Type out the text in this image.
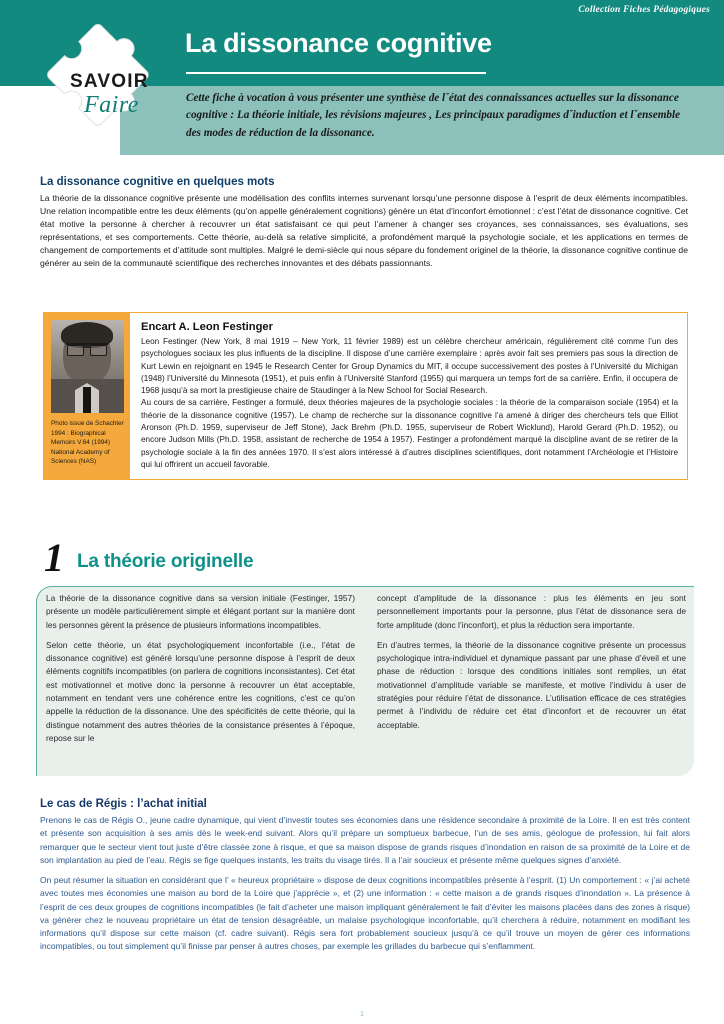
Collection Fiches Pédagogiques
La dissonance cognitive
Cette fiche à vocation à vous présenter une synthèse de lˇétat des connaissances actuelles sur la dissonance cognitive : La théorie initiale, les révisions majeures , Les principaux paradigmes dˇinduction et lˇensemble des modes de réduction de la dissonance.
SAVOIR
Faire
La dissonance cognitive en quelques mots

La théorie de la dissonance cognitive présente une modélisation des conflits internes survenant lorsqu’une personne dispose à l’esprit de deux éléments incompatibles. Une relation incompatible entre les deux éléments (qu’on appelle généralement cognitions) génère un état d’inconfort émotionnel : c’est l’état de dissonance cognitive. Cet état motive la personne à chercher à recouvrer un état satisfaisant ce qui peut l’amener à changer ses croyances, ses connaissances, ses évaluations, ses représentations, et ses comportements. Cette théorie, au-delà sa relative simplicité, a profondément marqué la psychologie sociale, et les applications en termes de changement de comportements et d’attitude sont multiples. Malgré le demi-siècle qui nous sépare du fondement originel de la théorie, la dissonance cognitive continue de générer au sein de la communauté scientifique des recherches innovantes et des débats passionnants.

Photo issue de Schachter 1994 : Biographical Memoirs V.64 (1994) National Academy of Sciences (NAS)
Encart A. Leon Festinger

Leon Festinger (New York, 8 mai 1919 – New York, 11 février 1989) est un célèbre chercheur américain, régulièrement cité comme l’un des psychologues sociaux les plus influents de la discipline. Il dispose d’une carrière exemplaire : après avoir fait ses premiers pas sous la direction de Kurt Lewin en rejoignant en 1945 le Research Center for Group Dynamics du MIT, il occupe successivement des postes à l’Université du Michigan (1948) l’Université du Minnesota (1951), et puis enfin à l’Université Stanford (1955) qui marquera un temps fort de sa carrière. Enfin, il occupera de 1968 jusqu’à sa mort la prestigieuse chaire de Staudinger à la New School for Social Research.

Au cours de sa carrière, Festinger a formulé, deux théories majeures de la psychologie sociales : la théorie de la comparaison sociale (1954) et la théorie de la dissonance cognitive (1957). Le champ de recherche sur la dissonance cognitive l’a amené à diriger des chercheurs tels que Elliot Aronson (Ph.D. 1959, superviseur de Jeff Stone), Jack Brehm (Ph.D. 1955, superviseur de Robert Wicklund), Harold Gerard (Ph.D. 1952), ou encore Judson Mills (Ph.D. 1958, assistant de recherche de 1954 à 1957). Festinger a profondément marqué la discipline avant de se retirer de la psychologie sociale à la fin des années 1970. Il s’est alors intéressé à d’autres disciplines scientifiques, dont notamment l’Archéologie et l’Histoire qui lui offrirent un accueil favorable.

1 La théorie originelle

La théorie de la dissonance cognitive dans sa version initiale (Festinger, 1957) présente un modèle particulièrement simple et élégant portant sur la manière dont les personnes gèrent la présence de plusieurs informations incompatibles.

Selon cette théorie, un état psychologiquement inconfortable (i.e., l’état de dissonance cognitive) est généré lorsqu’une personne dispose à l’esprit de deux éléments cognitifs incompatibles (on parlera de cognitions inconsistantes). Cet état est motivationnel et motive donc la personne à recouvrer un état acceptable, notamment en tendant vers une cohérence entre les cognitions, c’est ce qu’on appelle la réduction de la dissonance. Une des spécificités de cette théorie, qui la distingue notamment des autres théories de la consistance présentes à l’époque, repose sur le

concept d’amplitude de la dissonance : plus les éléments en jeu sont personnellement importants pour la personne, plus l’état de dissonance sera de forte amplitude (donc l’inconfort), et plus la réduction sera importante.

En d’autres termes, la théorie de la dissonance cognitive présente un processus psychologique intra-individuel et dynamique passant par une phase d’éveil et une phase de réduction : lorsque des conditions initiales sont remplies, un état motivationnel d’amplitude variable se manifeste, et motive l’individu à user de stratégies pour réduire l’état de dissonance. L’utilisation efficace de ces stratégies permet à l’individu de réduire cet état d’inconfort et de recouvrer un état acceptable.

Le cas de Régis : l’achat initial

Prenons le cas de Régis O., jeune cadre dynamique, qui vient d’investir toutes ses économies dans une résidence secondaire à proximité de la Loire. Il en est très content et présente son acquisition à ses amis dès le week-end suivant. Alors qu’il prépare un somptueux barbecue, l’un de ses amis, géologue de profession, lui fait alors remarquer que le secteur vient tout juste d’être classée zone à risque, et que sa maison dispose de grands risques d’inondation en raison de sa proximité de la Loire et de son implantation au pied de l’eau. Régis se fige quelques instants, les traits du visage tirés. Il a l’air soucieux et présente même quelques signes d’anxiété.

On peut résumer la situation en considérant que l’ « heureux propriétaire » dispose de deux cognitions incompatibles présente à l’esprit. (1) Un comportement : « j’ai acheté avec toutes mes économies une maison au bord de la Loire que j’apprécie », et (2) une information : « cette maison a de grands risques d’inondation ». La présence à l’esprit de ces deux groupes de cognitions incompatibles (le fait d’acheter une maison impliquant généralement le fait d’éviter les maisons placées dans des zones à risque) va générer chez le nouveau propriétaire un état de tension désagréable, un malaise psychologique inconfortable, qu’il cherchera à réduire, notamment en modifiant les informations qu’il dispose sur cette maison (cf. cadre suivant). Régis sera fort probablement soucieux jusqu’à ce qu’il trouve un moyen de gérer ces informations incompatibles, ou tout simplement qu’il finisse par penser à autres choses, par exemple les grillades du barbecue qui s’enflamment.

1
